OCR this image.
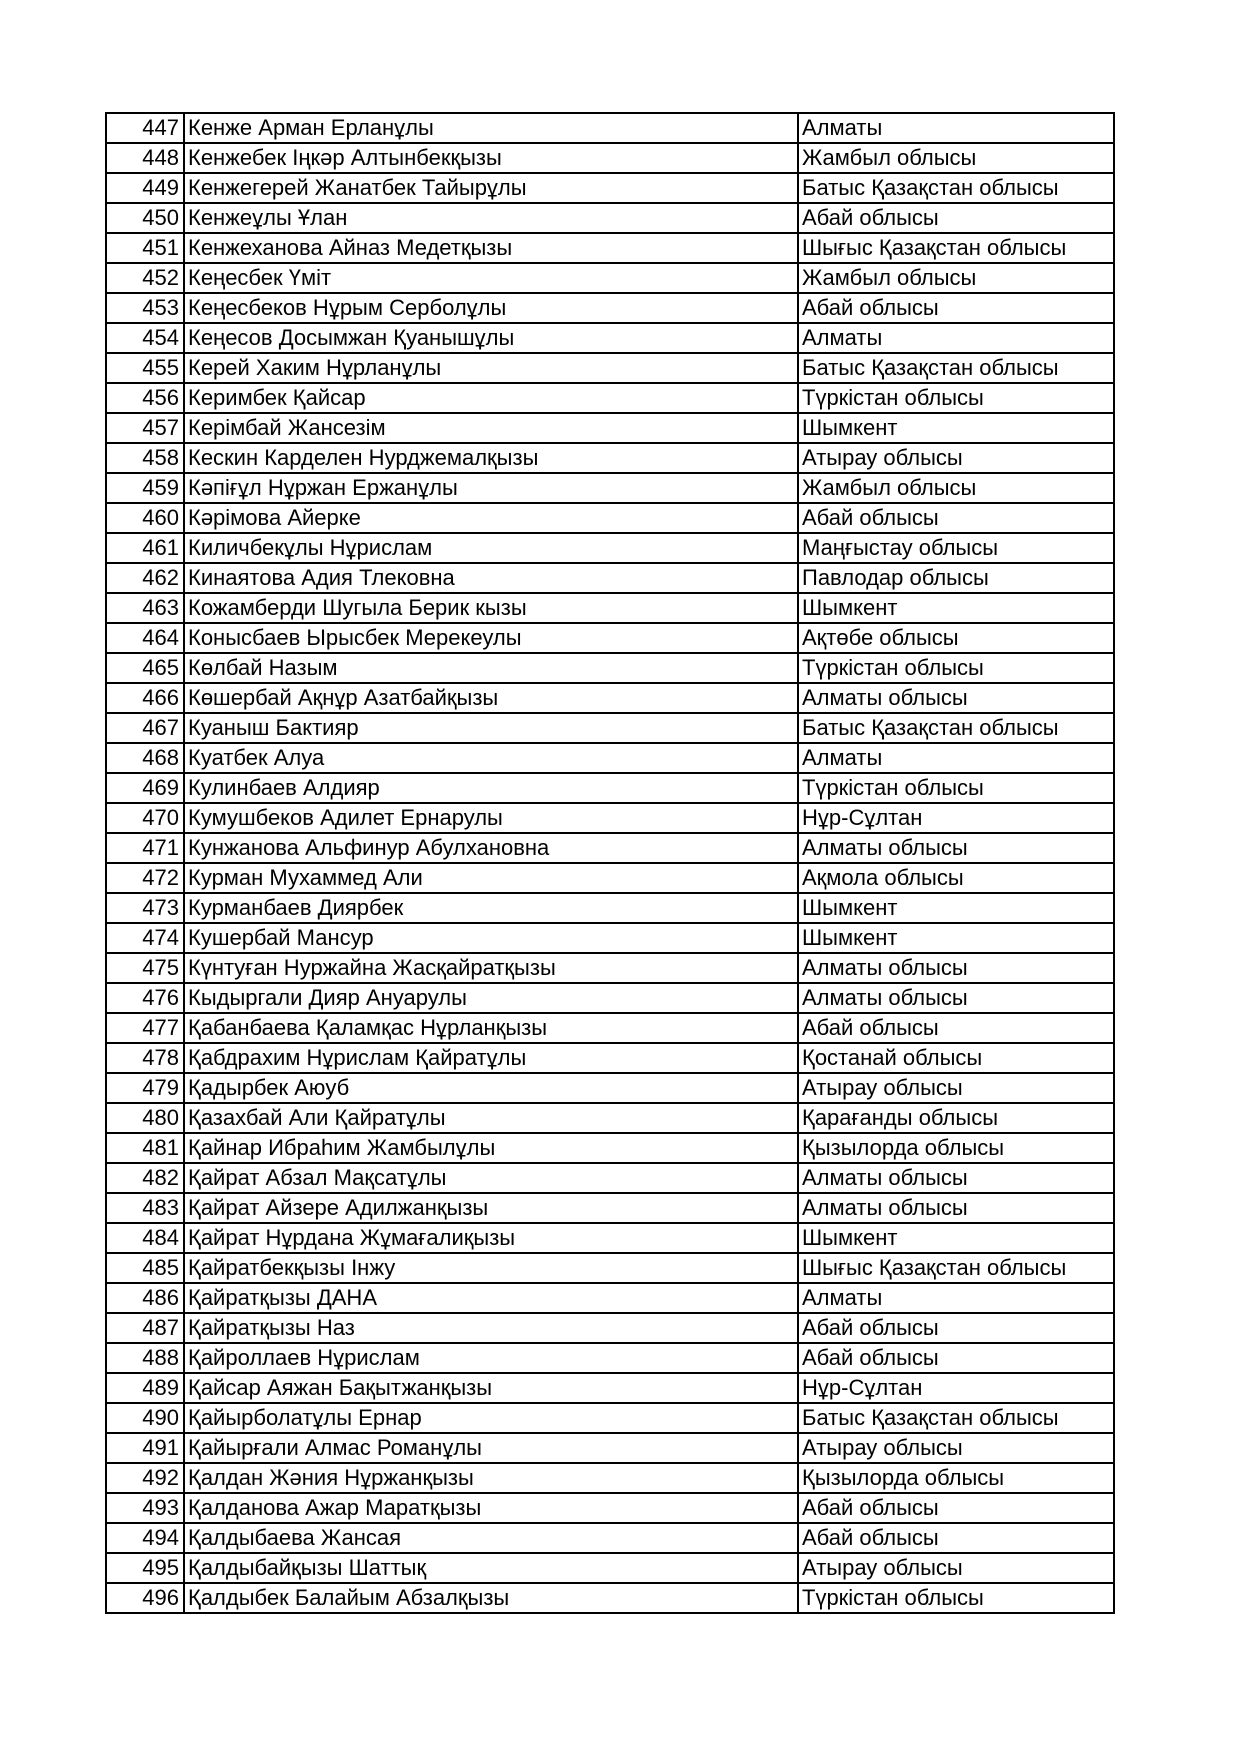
447	Кенже Арман Ерланұлы	Алматы
448	Кенжебек Іңкәр Алтынбекқызы	Жамбыл облысы
449	Кенжегерей Жанатбек Тайырұлы	Батыс Қазақстан облысы
450	Кенжеұлы Ұлан	Абай облысы
451	Кенжеханова Айназ Медетқызы	Шығыс Қазақстан облысы
452	Кеңесбек Үміт	Жамбыл облысы
453	Кеңесбеков Нұрым Серболұлы	Абай облысы
454	Кеңесов Досымжан Қуанышұлы	Алматы
455	Керей Хаким Нұрланұлы	Батыс Қазақстан облысы
456	Керимбек Қайсар	Түркістан облысы
457	Керімбай Жансезім	Шымкент
458	Кескин Карделен Нурджемалқызы	Атырау облысы
459	Кәпіғұл Нұржан Ержанұлы	Жамбыл облысы
460	Кәрімова Айерке	Абай облысы
461	Киличбекұлы Нұрислам	Маңғыстау облысы
462	Кинаятова Адия Тлековна	Павлодар облысы
463	Кожамберди Шугыла Берик кызы	Шымкент
464	Конысбаев Ырысбек Мерекеулы	Ақтөбе облысы
465	Көлбай Назым	Түркістан облысы
466	Көшербай Ақнұр Азатбайқызы	Алматы облысы
467	Куаныш Бактияр	Батыс Қазақстан облысы
468	Куатбек Алуа	Алматы
469	Кулинбаев Алдияр	Түркістан облысы
470	Кумушбеков Адилет Ернарулы	Нұр-Сұлтан
471	Кунжанова Альфинур Абулхановна	Алматы облысы
472	Курман Мухаммед Али	Ақмола облысы
473	Курманбаев Диярбек	Шымкент
474	Кушербай Мансур	Шымкент
475	Күнтуған Нуржайна Жасқайратқызы	Алматы облысы
476	Кыдыргали Дияр Ануарулы	Алматы облысы
477	Қабанбаева Қаламқас Нұрланқызы	Абай облысы
478	Қабдрахим Нұрислам Қайратұлы	Қостанай облысы
479	Қадырбек Аюуб	Атырау облысы
480	Қазахбай Али Қайратұлы	Қарағанды облысы
481	Қайнар Ибраһим Жамбылұлы	Қызылорда облысы
482	Қайрат Абзал Мақсатұлы	Алматы облысы
483	Қайрат Айзере Адилжанқызы	Алматы облысы
484	Қайрат Нұрдана Жұмағалиқызы	Шымкент
485	Қайратбекқызы Інжу	Шығыс Қазақстан облысы
486	Қайратқызы ДАНА	Алматы
487	Қайратқызы Наз	Абай облысы
488	Қайроллаев Нұрислам	Абай облысы
489	Қайсар Аяжан Бақытжанқызы	Нұр-Сұлтан
490	Қайырболатұлы Ернар	Батыс Қазақстан облысы
491	Қайырғали Алмас Романұлы	Атырау облысы
492	Қалдан Жәния Нұржанқызы	Қызылорда облысы
493	Қалданова Ажар Маратқызы	Абай облысы
494	Қалдыбаева Жансая	Абай облысы
495	Қалдыбайқызы Шаттық	Атырау облысы
496	Қалдыбек Балайым Абзалқызы	Түркістан облысы
